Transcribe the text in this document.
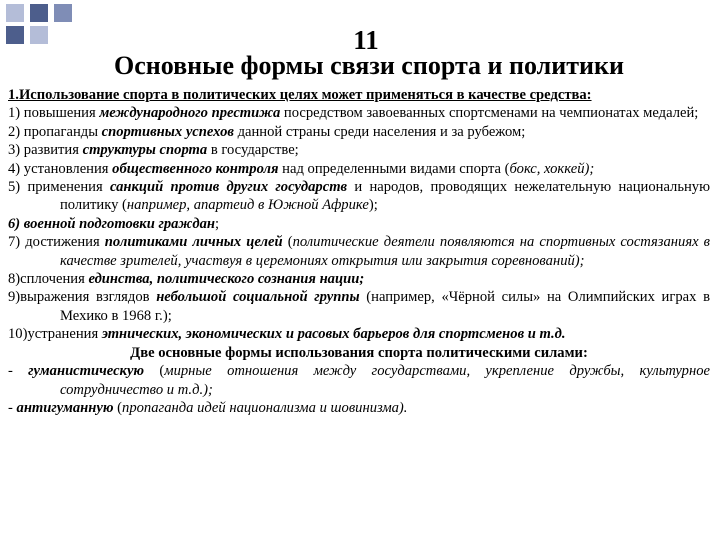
11
Основные формы связи спорта и политики

1.Использование спорта в политических целях может применяться в качестве средства:

1) повышения международного престижа посредством завоеванных спортсменами на чемпионатах медалей;

2) пропаганды спортивных успехов данной страны среди населения и за рубежом;

3) развития структуры спорта в государстве;

4) установления общественного контроля над определенными видами спорта (бокс, хоккей);

5) применения санкций против других государств и народов, проводящих нежелательную национальную политику (например, апартеид в Южной Африке);

6) военной подготовки граждан;

7) достижения политиками личных целей (политические деятели появляются на спортивных состязаниях в качестве зрителей, участвуя в церемониях открытия или закрытия соревнований);

8)сплочения единства, политического сознания нации;

9)выражения взглядов небольшой социальной группы (например, «Чёрной силы» на Олимпийских играх в Мехико в 1968 г.);

10)устранения этнических, экономических и расовых барьеров для спортсменов и т.д.

Две основные формы использования спорта политическими силами:

- гуманистическую (мирные отношения между государствами, укрепление дружбы, культурное сотрудничество и т.д.);

- антигуманную (пропаганда идей национализма и шовинизма).
